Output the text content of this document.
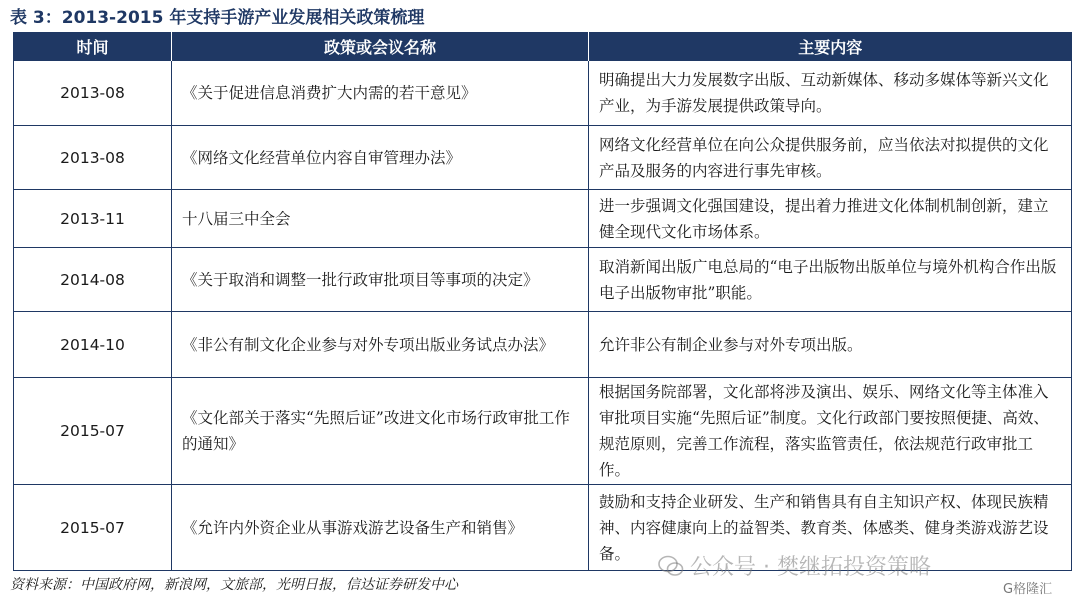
表 3：2013-2015 年支持手游产业发展相关政策梳理
时间	政策或会议名称	主要内容
2013-08	《关于促进信息消费扩大内需的若干意见》	明确提出大力发展数字出版、互动新媒体、移动多媒体等新兴文化产业，为手游发展提供政策导向。
2013-08	《网络文化经营单位内容自审管理办法》	网络文化经营单位在向公众提供服务前，应当依法对拟提供的文化产品及服务的内容进行事先审核。
2013-11	十八届三中全会	进一步强调文化强国建设，提出着力推进文化体制机制创新，建立健全现代文化市场体系。
2014-08	《关于取消和调整一批行政审批项目等事项的决定》	取消新闻出版广电总局的“电子出版物出版单位与境外机构合作出版电子出版物审批”职能。
2014-10	《非公有制文化企业参与对外专项出版业务试点办法》	允许非公有制企业参与对外专项出版。
2015-07	《文化部关于落实“先照后证”改进文化市场行政审批工作的通知》	根据国务院部署，文化部将涉及演出、娱乐、网络文化等主体准入审批项目实施“先照后证”制度。文化行政部门要按照便捷、高效、规范原则，完善工作流程，落实监管责任，依法规范行政审批工作。
2015-07	《允许内外资企业从事游戏游艺设备生产和销售》	鼓励和支持企业研发、生产和销售具有自主知识产权、体现民族精神、内容健康向上的益智类、教育类、体感类、健身类游戏游艺设备。
公众号 · 樊继拓投资策略
资料来源：中国政府网，新浪网，文旅部，光明日报，信达证券研发中心	G格隆汇
